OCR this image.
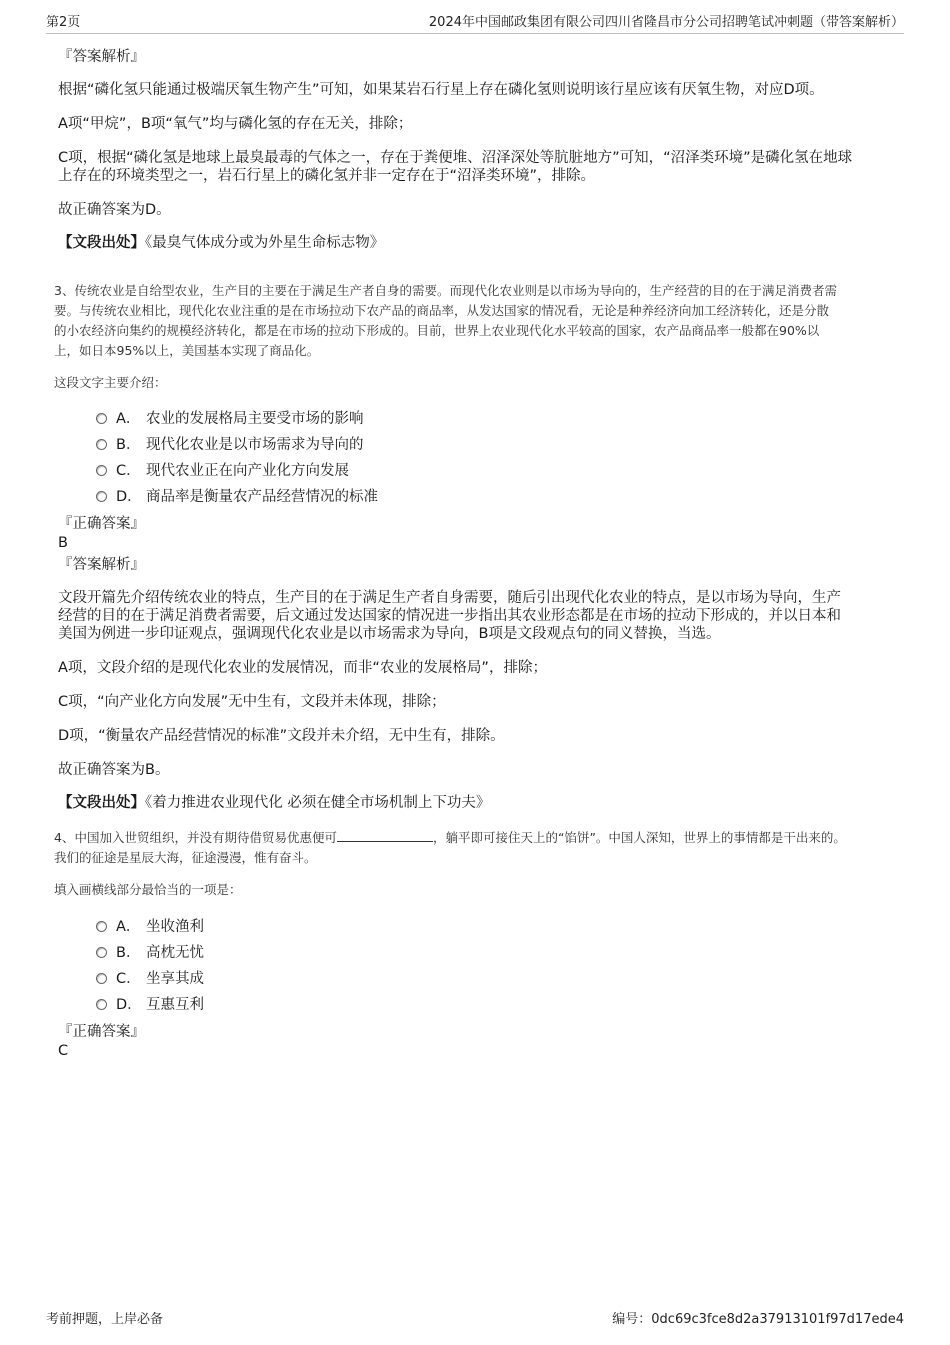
第2页	2024年中国邮政集团有限公司四川省隆昌市分公司招聘笔试冲刺题（带答案解析）
『答案解析』
根据“磷化氢只能通过极端厌氧生物产生”可知，如果某岩石行星上存在磷化氢则说明该行星应该有厌氧生物，对应D项。
A项“甲烷”，B项“氧气”均与磷化氢的存在无关，排除；
C项，根据“磷化氢是地球上最臭最毒的气体之一，存在于粪便堆、沼泽深处等肮脏地方”可知，“沼泽类环境”是磷化氢在地球
上存在的环境类型之一，岩石行星上的磷化氢并非一定存在于“沼泽类环境”，排除。
故正确答案为D。
【文段出处】《最臭气体成分或为外星生命标志物》
3、传统农业是自给型农业，生产目的主要在于满足生产者自身的需要。而现代化农业则是以市场为导向的，生产经营的目的在于满足消费者需
要。与传统农业相比，现代化农业注重的是在市场拉动下农产品的商品率，从发达国家的情况看，无论是种养经济向加工经济转化，还是分散
的小农经济向集约的规模经济转化，都是在市场的拉动下形成的。目前，世界上农业现代化水平较高的国家，农产品商品率一般都在90%以
上，如日本95%以上，美国基本实现了商品化。
这段文字主要介绍：
A． 农业的发展格局主要受市场的影响
B． 现代化农业是以市场需求为导向的
C． 现代农业正在向产业化方向发展
D． 商品率是衡量农产品经营情况的标准
『正确答案』
B
『答案解析』
文段开篇先介绍传统农业的特点，生产目的在于满足生产者自身需要，随后引出现代化农业的特点，是以市场为导向，生产
经营的目的在于满足消费者需要，后文通过发达国家的情况进一步指出其农业形态都是在市场的拉动下形成的，并以日本和
美国为例进一步印证观点，强调现代化农业是以市场需求为导向，B项是文段观点句的同义替换，当选。
A项，文段介绍的是现代化农业的发展情况，而非“农业的发展格局”，排除；
C项，“向产业化方向发展”无中生有，文段并未体现，排除；
D项，“衡量农产品经营情况的标准”文段并未介绍，无中生有，排除。
故正确答案为B。
【文段出处】《着力推进农业现代化 必须在健全市场机制上下功夫》
4、中国加入世贸组织，并没有期待借贸易优惠便可	，躺平即可接住天上的“馅饼”。中国人深知，世界上的事情都是干出来的。
我们的征途是星辰大海，征途漫漫，惟有奋斗。
填入画横线部分最恰当的一项是：
A． 坐收渔利
B． 高枕无忧
C． 坐享其成
D． 互惠互利
『正确答案』
C
考前押题，上岸必备	编号：0dc69c3fce8d2a37913101f97d17ede4
